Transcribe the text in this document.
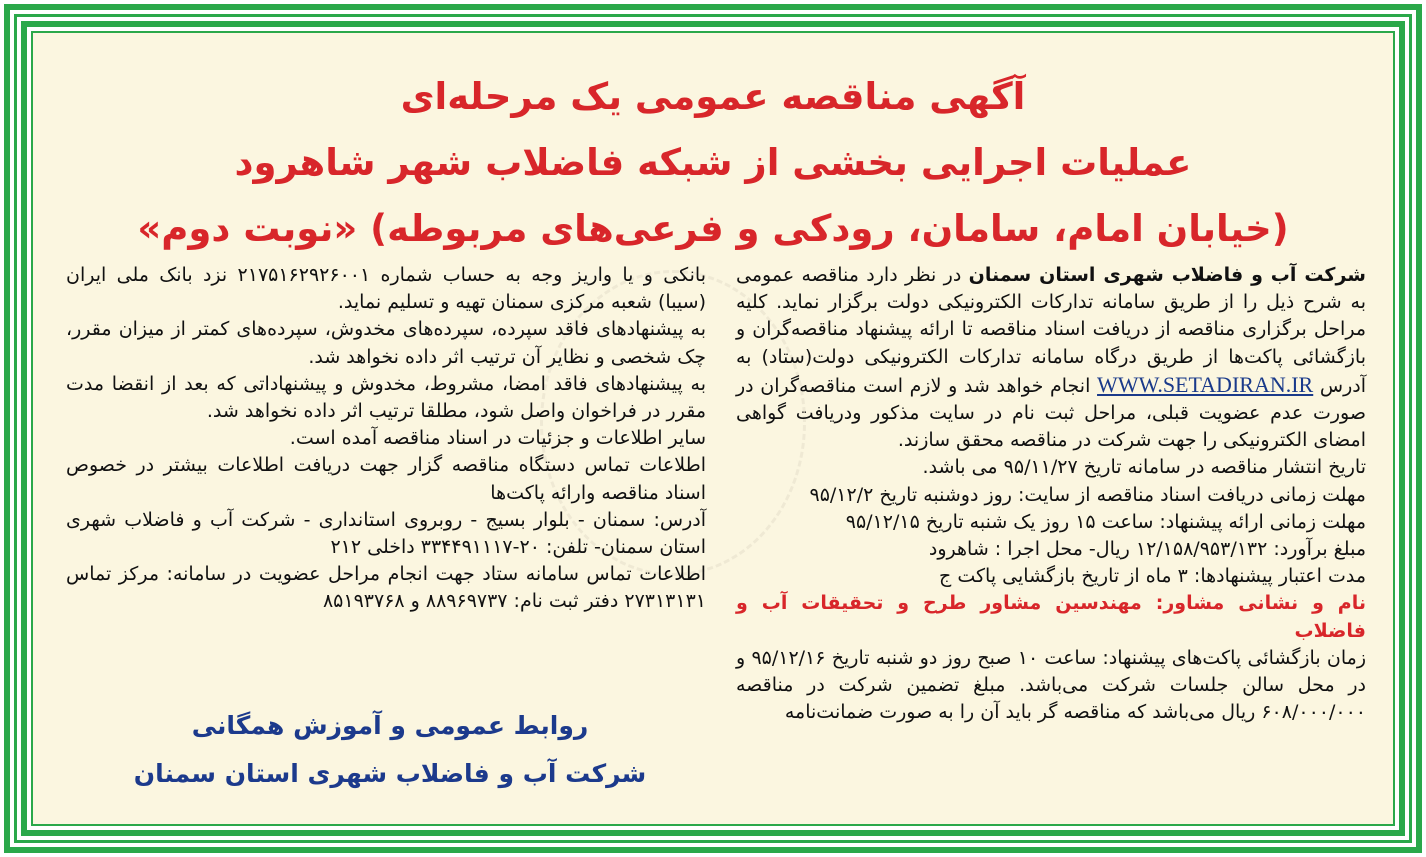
آگهی مناقصه عمومی یک مرحله‌ای
عملیات اجرایی بخشی از شبکه فاضلاب شهر شاهرود
(خیابان امام، سامان، رودکی و فرعی‌های مربوطه) «نوبت دوم»

شرکت آب و فاضلاب شهری استان سمنان در نظر دارد مناقصه عمومی به شرح ذیل را از طریق سامانه تدارکات الکترونیکی دولت برگزار نماید. کلیه مراحل برگزاری مناقصه از دریافت اسناد مناقصه تا ارائه پیشنهاد مناقصه‌گران و بازگشائی پاکت‌ها از طریق درگاه سامانه تدارکات الکترونیکی دولت(ستاد) به آدرس WWW.SETADIRAN.IR انجام خواهد شد و لازم است مناقصه‌گران در صورت عدم عضویت قبلی، مراحل ثبت نام در سایت مذکور ودریافت گواهی امضای الکترونیکی را جهت شرکت در مناقصه محقق سازند.

تاریخ انتشار مناقصه در سامانه تاریخ ۹۵/۱۱/۲۷ می باشد.

مهلت زمانی دریافت اسناد مناقصه از سایت: روز دوشنبه تاریخ ۹۵/۱۲/۲

مهلت زمانی ارائه پیشنهاد: ساعت ۱۵ روز یک شنبه تاریخ ۹۵/۱۲/۱۵

مبلغ برآورد: ۱۲/۱۵۸/۹۵۳/۱۳۲ ریال- محل اجرا : شاهرود

مدت اعتبار پیشنهادها: ۳ ماه از تاریخ بازگشایی پاکت ج

نام و نشانی مشاور: مهندسین مشاور طرح و تحقیقات آب و فاضلاب

زمان بازگشائی پاکت‌های پیشنهاد: ساعت ۱۰ صبح روز دو شنبه تاریخ ۹۵/۱۲/۱۶ و در محل سالن جلسات شرکت می‌باشد. مبلغ تضمین شرکت در مناقصه ۶۰۸/۰۰۰/۰۰۰ ریال می‌باشد که مناقصه گر باید آن را به صورت ضمانت‌نامه

بانکی و یا واریز وجه به حساب شماره ۲۱۷۵۱۶۲۹۲۶۰۰۱ نزد بانک ملی ایران (سیبا) شعبه مرکزی سمنان تهیه و تسلیم نماید.

به پیشنهادهای فاقد سپرده، سپرده‌های مخدوش، سپرده‌های کمتر از میزان مقرر، چک شخصی و نظایر آن ترتیب اثر داده نخواهد شد.

به پیشنهادهای فاقد امضا، مشروط، مخدوش و پیشنهاداتی که بعد از انقضا مدت مقرر در فراخوان واصل شود، مطلقا ترتیب اثر داده نخواهد شد.

سایر اطلاعات و جزئیات در اسناد مناقصه آمده است.

اطلاعات تماس دستگاه مناقصه گزار جهت دریافت اطلاعات بیشتر در خصوص اسناد مناقصه وارائه پاکت‌ها

آدرس: سمنان - بلوار بسیج - روبروی استانداری - شرکت آب و فاضلاب شهری استان سمنان- تلفن: ۲۰-۳۳۴۴۹۱۱۱۷ داخلی ۲۱۲

اطلاعات تماس سامانه ستاد جهت انجام مراحل عضویت در سامانه: مرکز تماس ۲۷۳۱۳۱۳۱ دفتر ثبت نام: ۸۸۹۶۹۷۳۷ و ۸۵۱۹۳۷۶۸

روابط عمومی و آموزش همگانی
شرکت آب و فاضلاب شهری استان سمنان
